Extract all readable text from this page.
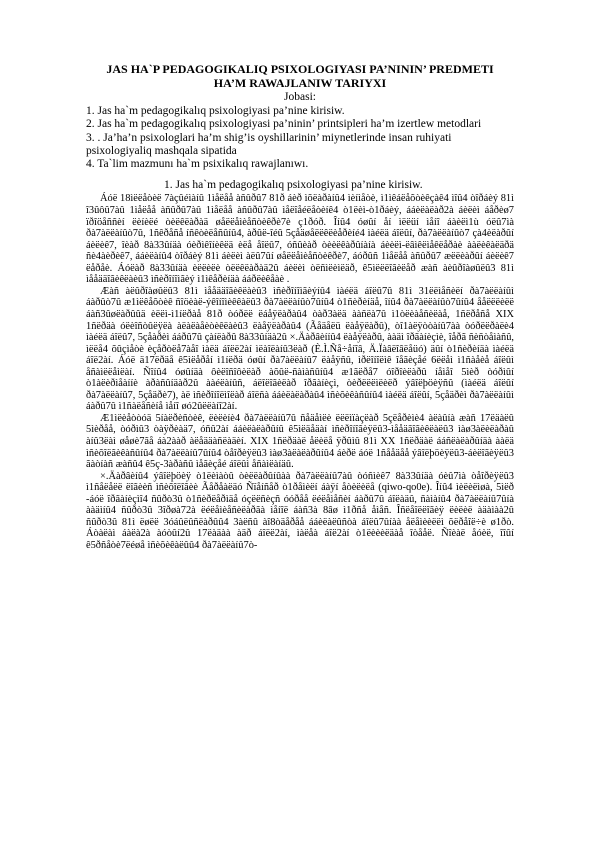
JAS HA`P PEDAGOGIKALIQ PSIXOLOGIYASI PA’NININ’ PREDMETI

HA’M RAWAJLANIW TARIYXI

Jobasi:

1. Jas ha`m pedagogikalıq psixologiyasi pa’nine kirisiw.
2. Jas ha`m pedagogikalıq psixologiyasi pa’ninin’ printsipleri ha’m izertlew metodlari
3. . Ja’ha’n psixologlari ha’m shig’is oyshillarinin’ miynetlerinde insan ruhiyati psixologiyaliq mashqala sipatida
4. Ta`lim mazmunı ha`m psixikalıq rawajlanıwı.

1. Jas ha`m pedagogikalıq psixologiyasi pa’nine kirisiw.

Áóë 18ìëëåòèë 7àçûéìàíû 1ìåëåå àñûðû7 81ð áèð ìõëàðàíû4 ìèíìåòè, ì1ìêáëåõòèêçàê4 ìîû4 òîðáèý 81ì î3ûôû7àû 1ìåëåå àñûðû7àû 1ìåëåå àñûðû7àû ìåëîåéëåòèíê4 ò1ëèì-ò1ðáèý, ááèëàëàð2à áèëèì áåðèø7 ïðîöåññèí ëèíèëé òèëêëàðàä øåëëåìèåñòèêðè7è ç1ðóð. Îíû4 óøûí åí ìëëüí ìåíî áàèëì1ù óëû7ìà ðà7àëëàíûò7û, 1ñêðåñå íñêòèëåñûíû4, àðûë-îéû 5çåäøåëëêëèåðèíé4 ìàéëä áîëûí, ðà7àëëàíûò7 çà4èëàðûí áèëèê7, îèàð 8à33ûíäà óèðìêîíèêëä èëå åîëû7, óñûèàð òèèëêàðûíàíà áèèëì-ëâìêëìåêëåðàè ààëèêàëäðä ñè4àèðèê7, ááèëàíû4 òîðáèý 81ì áèëèì àëû7ûí øåëëåìèåñòèêðè7, áóðûñ 1ìåëåå àñûðû7 æëëèàðûí áèëèê7 ëåðåè. Áóëàð 8à33ûíäà èëëèëè òëëêëàðàä2û áèëèì òëñìëèìëäð, ê5ìëëëîãèëåð æàñ àèûðîàøûëû3 81ì ìååääîãèêëàèû3 ìñèðîíîìãèý ì1ìêåðèíäà ááðëèêåàè .

Æàñ àëûðîàøûëû3 81ì ìååääîãèêëàèû3 ìñèðîíîìãèýíû4 ìàéëä áîëû7û 81ì 31ëëìåñèëí ðà7àëëàíûì áàðûò7û æ1ìëêåõòèê ñîöèàë-ýêîíîìèêêàëû3 ðà7àëëàíûò7ûíû4 ò1ñèðèíäå, îíû4 ðà7àëëàíûò7ûíû4 ååëëëèëë áàñ3ûøëàðûûä èëëì-ì1íëðàå 81ð òóðëë ëáåÿëàðàû4 òàð3àëä ààñëà7û ì1òëèàåñèëàå, 1ñëðåñå XIX 1ñëðäà óëèîñòûëÿëà àëàëàåèòèêëàèû3 ëàåÿëàðàû4 (Ãåäåëü ëàåÿëàðû), òî1àëÿòòàíû7àà òóðëëðàëè4 ìàéëä áîëû7, 5çåàðèì ááðû7û çàíëàðû 8à33ûíäà2û ×.Äàðâèííû4 ëàåÿëàðû, ààäì îðãàíèçìè, îåðã ñèñòåìàñû, ìëëå4 õûçìåòè èçåðòëå7àåî ìàëä áîëë2àí ìëàîëàíû3ëàð (È.Ì.Ñå÷åíîâ, Ä.Ïàâëîâëåüó) äûí ò1ñèðèíäà ìàéëä áîë2àí. Áóë ä17ëðäå ê5ìëåðåí ì1íëðä óøûí ðà7àëëàíû7 ëàåÿñû, ìðëîíîëìê îåãèçåé 6ëëåì ì1ñàåèå áîëûì åñàìëëåìëàí. Ñîíû4 óøûíäà ôèëîñîôèëàð àõûë-ñàìàñûíû4 æ1ãëðå7 óîðîèëàðû íåìåî 5ìèð òóðìûí ò1àëèðìåàííè àðàñûíäàð2û ààéëàíûñ, áëîëîãèëàð îðãàíèçì, òèðëëëìëèëð ýâîëþöèÿñû (ìàéëä áîëûí ðà7àëëàíû7, 5çåäðè7), àë ìñèðîíîëìîëàð áîëñà ááèëàëàðàû4 ìñèõèêàñûíû4 ìàéëä áîëûí, 5çåäðèì ðà7àëëàíûì áàðû7û ì1ñàëåñèíå ìåíî øó2ûëëàíî2àí.

Æ1ìëèåòòóä 5íàëðèñòèê, ëèëèíè4 ðà7àëëàíû7û ñåäåìëè ëëëìïàçëàð 5çëåðèìè4 àëàûíà æàñ 17ëäàëû 5ìèðåå, òóðìû3 òàÿðèàä7, óñû2àí ááèëàëàðûíû ê5ìëäåäàí ìñèðîíîãèÿëû3-ìååäãîãèêëàëû3 ìàø3àëèëàðàû àíû3ëàì øåøè7ãå áà2ààð àëåääàñëàäèí. XIX 1ñëðäàë åëèëå ÿðûìû 81ì XX 1ñëðäàë ááñëàëàðûíäà ààëä ìñèõîëãèêàñûíû4 ðà7àëëàíû7ûíû4 òåîðèÿëû3 ìàø3àëàëàðûíû4 áèðë áóë 1ñååäåå ýâîëþöèÿëû3-áèëîãèÿëû3 ãàòíàñ æàñû4 ê5ç-3àðàñû ìåãèçåé áîëûì åñàìëàíäû.

×.Äàðâèíû4 ýâîëþöèÿ ò1ëèìàòû òèëëàðûíûàà ðà7àëëàíû7àû òóñìèê7 8à33ûíäà óèû7ìà òåîðèÿëû3 ì1ñåëåëë ëîãèèñ ìñèõîëîãèè Ãåðåàëäó Ñïåíñåð ò1ðåìèëí áàÿí åòèëèëå (qiwo-qo0e). Îíû4 ìèëèëìøà, 5ìëð -áóë îðãàíèçìî4 ñûðò3û ò1ñèðëåðìäå óçëëñèçñ óóðåå ëéëåìåñèí áàðû7û áîëàäû, ñàìàíû4 ðà7àëëàíû7ûíà ààäìíû4 ñûðò3û 3îðøà72à ëéëåìèåñèëàðãà ìåíîë áàñ3à 8âø ì1ðñå åìåñ. Îñëåîëëîãèÿ ëèëèë àäàìàà2û ñûðò3û 81ì ëøëë 3óáûëûñëàðûû4 3àëñû àî8òäåðåå ááèëàëûñòà áîëû7ûíàà åëåìèèëëì õëðåîë÷è ø1ðò. Áòàëàì áàëà2à àóòûí2û 17ëàäàà àäð áîëë2àí, ìàëåà áîë2àí ò1ëèèèëäàå îòååë. Ñîèàë åóèë, îîûí ê5ðñåòè7ëéøå ìñèõèêàëûû4 ðà7àëëàíû7ò-
